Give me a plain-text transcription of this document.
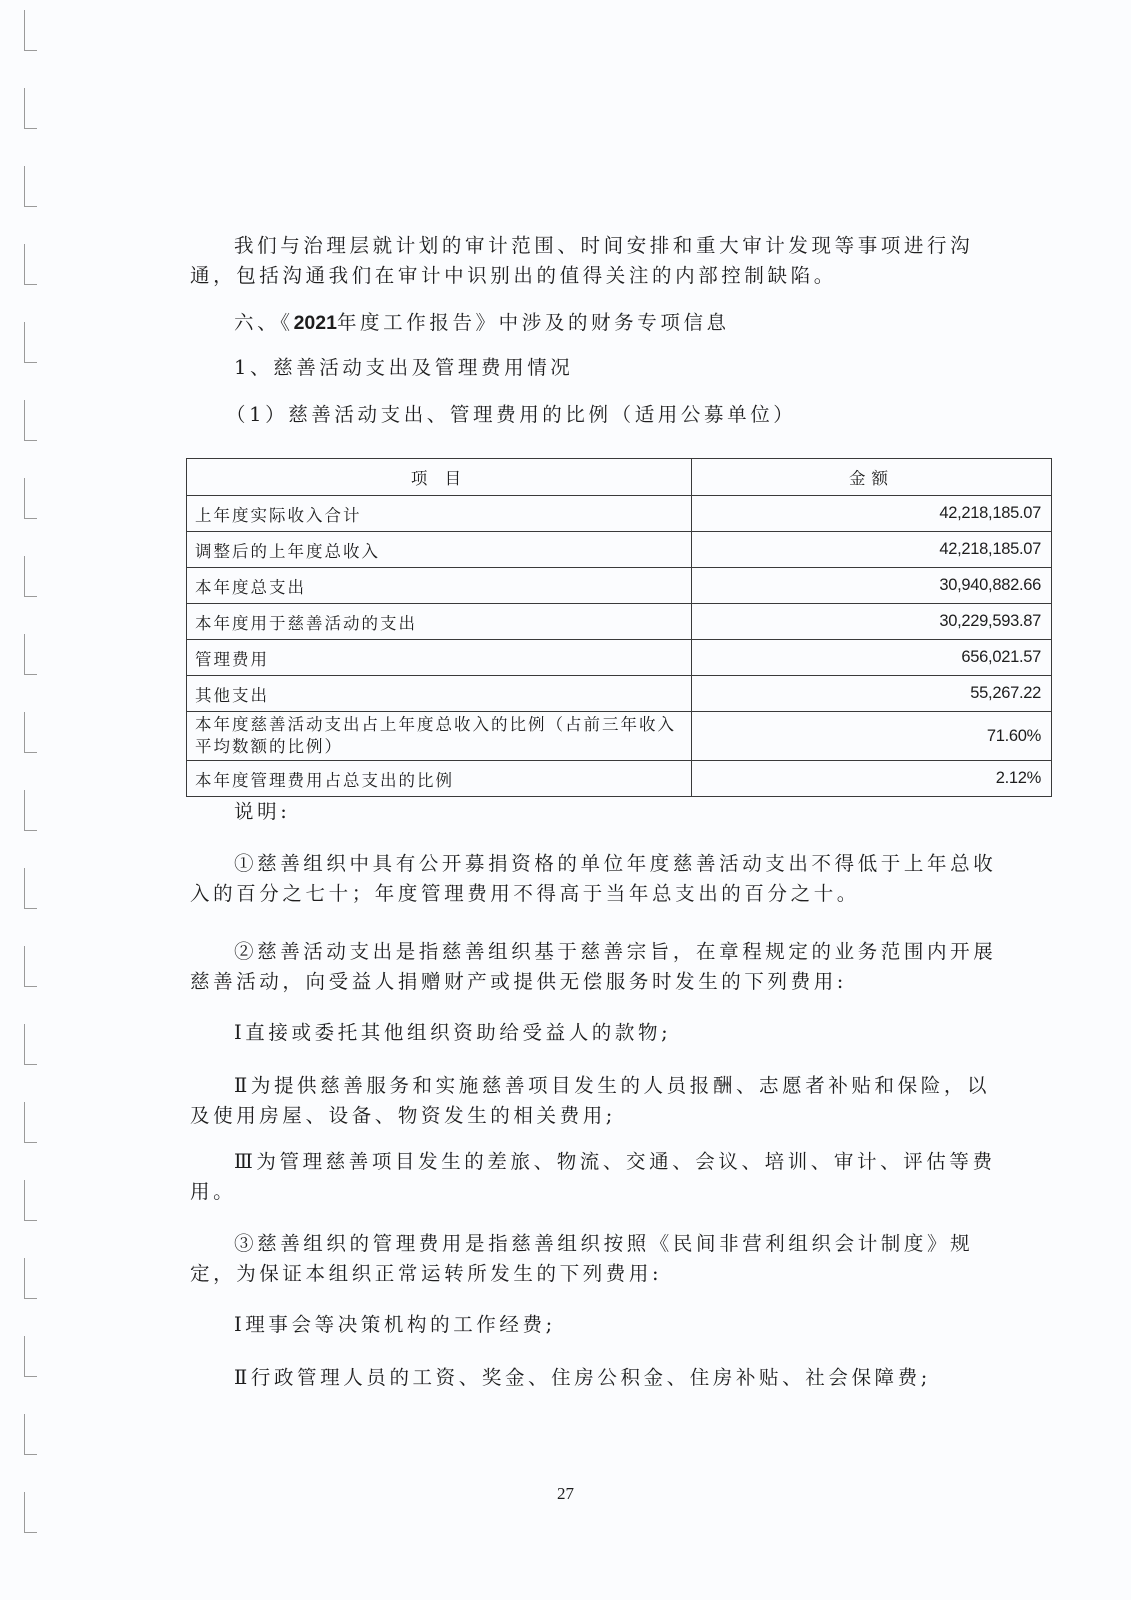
我们与治理层就计划的审计范围、时间安排和重大审计发现等事项进行沟通，包括沟通我们在审计中识别出的值得关注的内部控制缺陷。

六、《2021年度工作报告》中涉及的财务专项信息

1、慈善活动支出及管理费用情况

（1）慈善活动支出、管理费用的比例（适用公募单位）

项 目	金额
上年度实际收入合计	42,218,185.07
调整后的上年度总收入	42,218,185.07
本年度总支出	30,940,882.66
本年度用于慈善活动的支出	30,229,593.87
管理费用	656,021.57
其他支出	55,267.22
本年度慈善活动支出占上年度总收入的比例（占前三年收入平均数额的比例）	71.60%
本年度管理费用占总支出的比例	2.12%

说明:

①慈善组织中具有公开募捐资格的单位年度慈善活动支出不得低于上年总收入的百分之七十；年度管理费用不得高于当年总支出的百分之十。

②慈善活动支出是指慈善组织基于慈善宗旨，在章程规定的业务范围内开展慈善活动，向受益人捐赠财产或提供无偿服务时发生的下列费用:

Ⅰ直接或委托其他组织资助给受益人的款物;

Ⅱ为提供慈善服务和实施慈善项目发生的人员报酬、志愿者补贴和保险，以及使用房屋、设备、物资发生的相关费用;

Ⅲ为管理慈善项目发生的差旅、物流、交通、会议、培训、审计、评估等费用。

③慈善组织的管理费用是指慈善组织按照《民间非营利组织会计制度》规定，为保证本组织正常运转所发生的下列费用:

Ⅰ理事会等决策机构的工作经费;

Ⅱ行政管理人员的工资、奖金、住房公积金、住房补贴、社会保障费;

27
